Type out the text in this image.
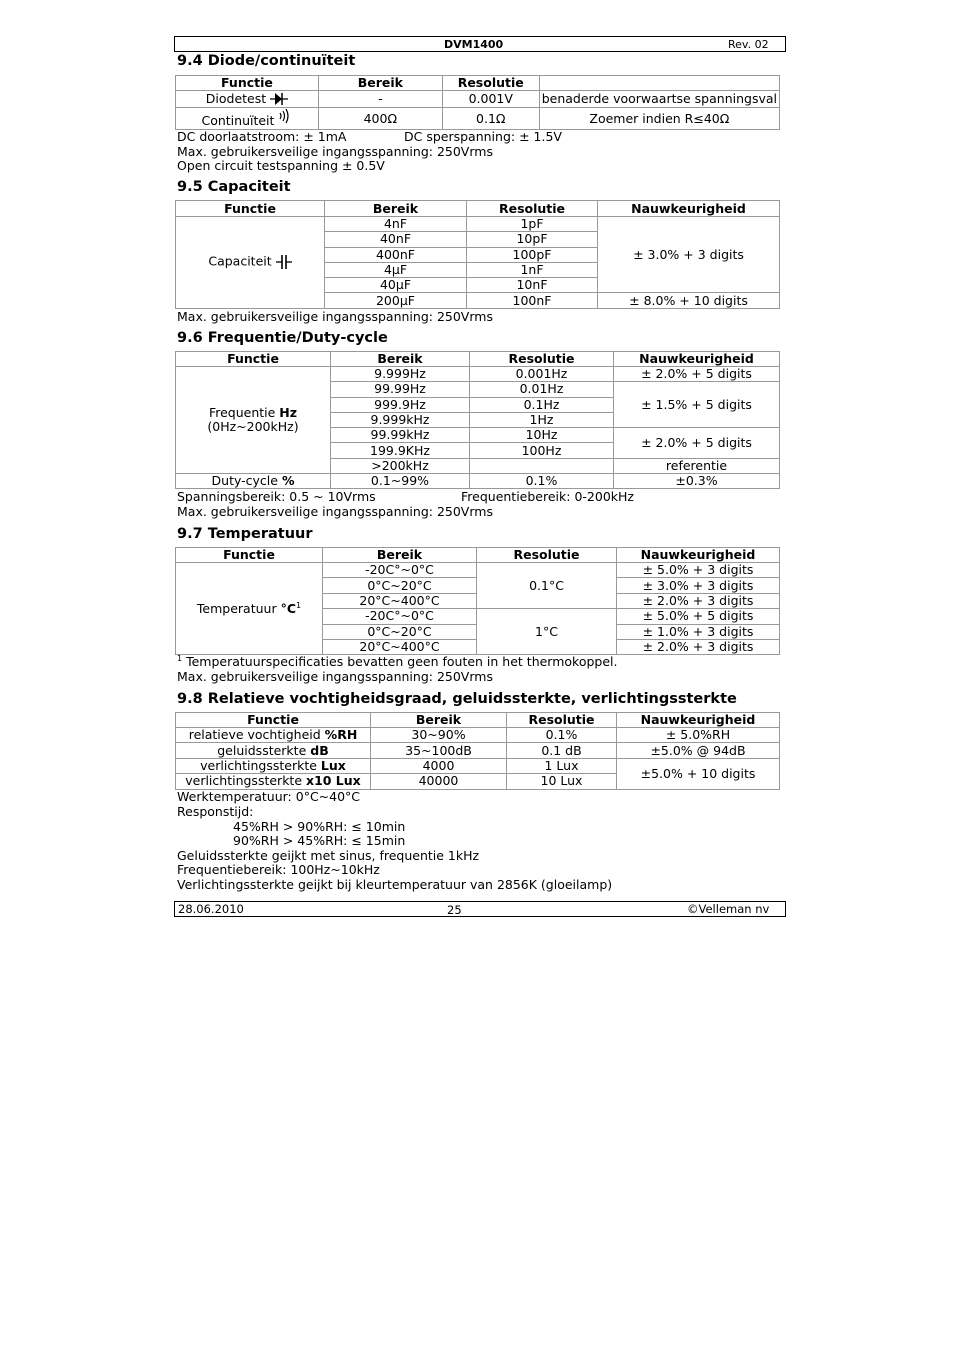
DVM1400	Rev. 02
9.4 Diode/continuïteit
Functie	Bereik	Resolutie	
Diodetest	-	0.001V	benaderde voorwaartse spanningsval
Continuïteit	400Ω	0.1Ω	Zoemer indien R≤40Ω

DC doorlaatstroom: ± 1mA	DC sperspanning: ± 1.5V

Max. gebruikersveilige ingangsspanning: 250Vrms

Open circuit testspanning ± 0.5V

9.5 Capaciteit
Functie	Bereik	Resolutie	Nauwkeurigheid
Capaciteit	4nF	1pF	± 3.0% + 3 digits
	40nF	10pF	
	400nF	100pF	
	4µF	1nF	
	40µF	10nF	
	200µF	100nF	± 8.0% + 10 digits

Max. gebruikersveilige ingangsspanning: 250Vrms

9.6 Frequentie/Duty-cycle
Functie	Bereik	Resolutie	Nauwkeurigheid
Frequentie Hz
(0Hz~200kHz)	9.999Hz	0.001Hz	± 2.0% + 5 digits
	99.99Hz	0.01Hz	± 1.5% + 5 digits
	999.9Hz	0.1Hz	
	9.999kHz	1Hz	
	99.99kHz	10Hz	± 2.0% + 5 digits
	199.9KHz	100Hz	
	>200kHz		referentie
Duty-cycle %	0.1~99%	0.1%	±0.3%

Spanningsbereik: 0.5 ~ 10Vrms	Frequentiebereik: 0-200kHz

Max. gebruikersveilige ingangsspanning: 250Vrms

9.7 Temperatuur
Functie	Bereik	Resolutie	Nauwkeurigheid
Temperatuur $^\circ C^1$	-20C°~0°C	0.1°C	± 5.0% + 3 digits
	0°C~20°C		± 3.0% + 3 digits
	20°C~400°C		± 2.0% + 3 digits
	-20C°~0°C	1°C	± 5.0% + 5 digits
	0°C~20°C		± 1.0% + 3 digits
	20°C~400°C		± 2.0% + 3 digits

$^1$ Temperatuurspecificaties bevatten geen fouten in het thermokoppel.

Max. gebruikersveilige ingangsspanning: 250Vrms

9.8 Relatieve vochtigheidsgraad, geluidssterkte, verlichtingssterkte
Functie	Bereik	Resolutie	Nauwkeurigheid
relatieve vochtigheid %RH	30~90%	0.1%	± 5.0%RH
geluidssterkte dB	35~100dB	0.1 dB	±5.0% @ 94dB
verlichtingssterkte Lux	4000	1 Lux	±5.0% + 10 digits
verlichtingssterkte x10 Lux	40000	10 Lux	

Werktemperatuur: 0°C~40°C

Responstijd:

45%RH > 90%RH: ≤ 10min

90%RH > 45%RH: ≤ 15min

Geluidssterkte geijkt met sinus, frequentie 1kHz

Frequentiebereik: 100Hz~10kHz

Verlichtingssterkte geijkt bij kleurtemperatuur van 2856K (gloeilamp)

28.06.2010	25	©Velleman nv
